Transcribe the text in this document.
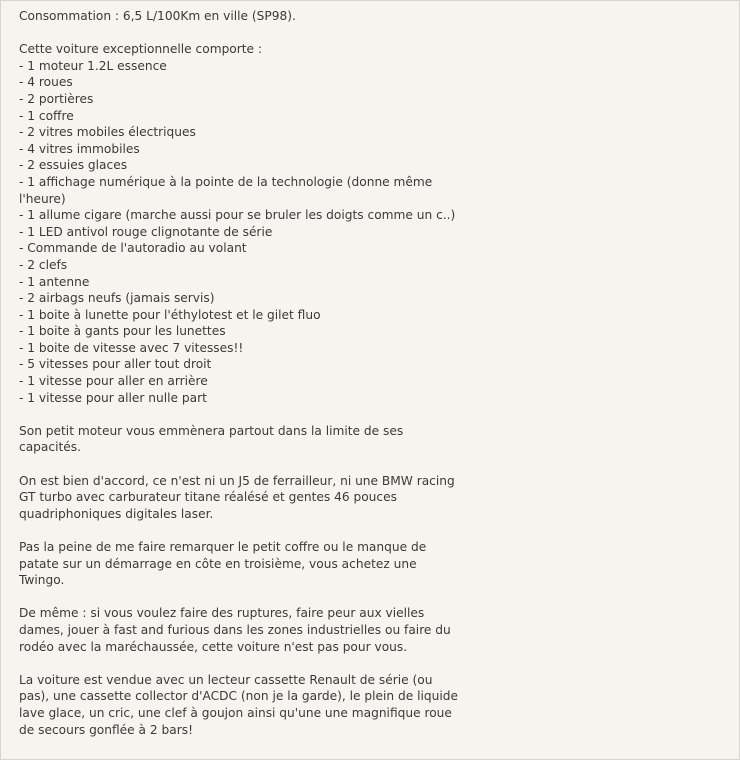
Consommation : 6,5 L/100Km en ville (SP98).
Cette voiture exceptionnelle comporte :
- 1 moteur 1.2L essence
- 4 roues
- 2 portières
- 1 coffre
- 2 vitres mobiles électriques
- 4 vitres immobiles
- 2 essuies glaces
- 1 affichage numérique à la pointe de la technologie (donne même
l'heure)
- 1 allume cigare (marche aussi pour se bruler les doigts comme un c..)
- 1 LED antivol rouge clignotante de série
- Commande de l'autoradio au volant
- 2 clefs
- 1 antenne
- 2 airbags neufs (jamais servis)
- 1 boite à lunette pour l'éthylotest et le gilet fluo
- 1 boite à gants pour les lunettes
- 1 boite de vitesse avec 7 vitesses!!
- 5 vitesses pour aller tout droit
- 1 vitesse pour aller en arrière
- 1 vitesse pour aller nulle part
Son petit moteur vous emmènera partout dans la limite de ses
capacités.
On est bien d'accord, ce n'est ni un J5 de ferrailleur, ni une BMW racing
GT turbo avec carburateur titane réalésé et gentes 46 pouces
quadriphoniques digitales laser.
Pas la peine de me faire remarquer le petit coffre ou le manque de
patate sur un démarrage en côte en troisième, vous achetez une
Twingo.
De même : si vous voulez faire des ruptures, faire peur aux vielles
dames, jouer à fast and furious dans les zones industrielles ou faire du
rodéo avec la maréchaussée, cette voiture n'est pas pour vous.
La voiture est vendue avec un lecteur cassette Renault de série (ou
pas), une cassette collector d'ACDC (non je la garde), le plein de liquide
lave glace, un cric, une clef à goujon ainsi qu'une une magnifique roue
de secours gonflée à 2 bars!
